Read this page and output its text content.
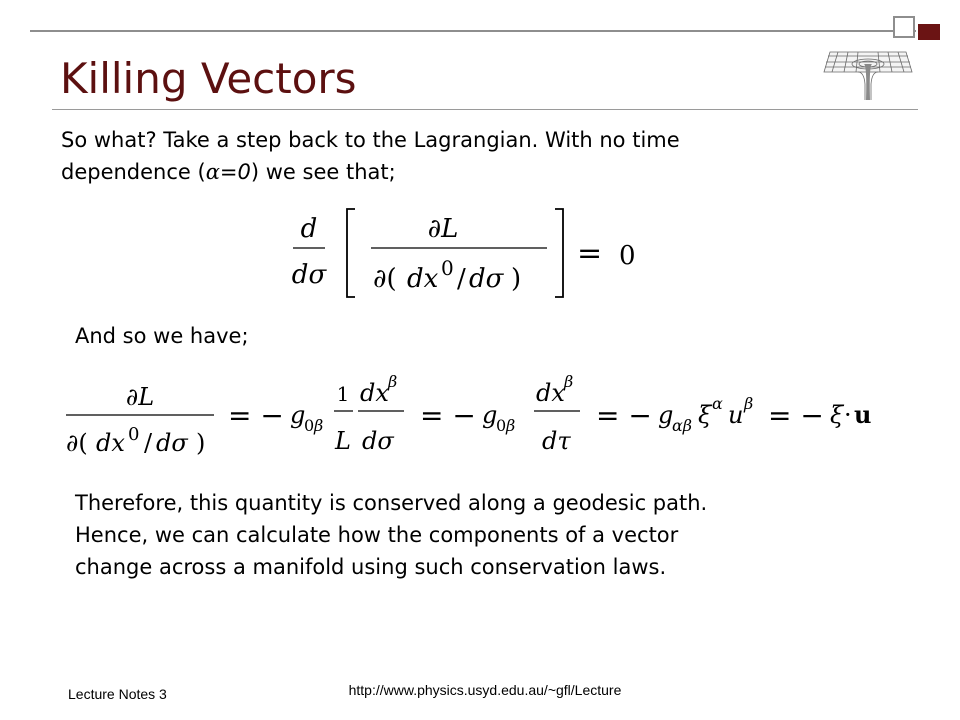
Killing Vectors

So what? Take a step back to the Lagrangian. With no time
dependence (α=0) we see that;

d
dσ
∂L
∂( dx 0 / dσ )
= 0

And so we have;

∂L
∂( dx 0 / dσ )
= − g
0 β
1
L
dx β
dσ
= − g
0 β
dx β
dτ
= − g
αβ ξ α u β = − ξ · u

Therefore, this quantity is conserved along a geodesic path.
Hence, we can calculate how the components of a vector
change across a manifold using such conservation laws.

Lecture Notes 3	http://www.physics.usyd.edu.au/~gfl/Lecture
